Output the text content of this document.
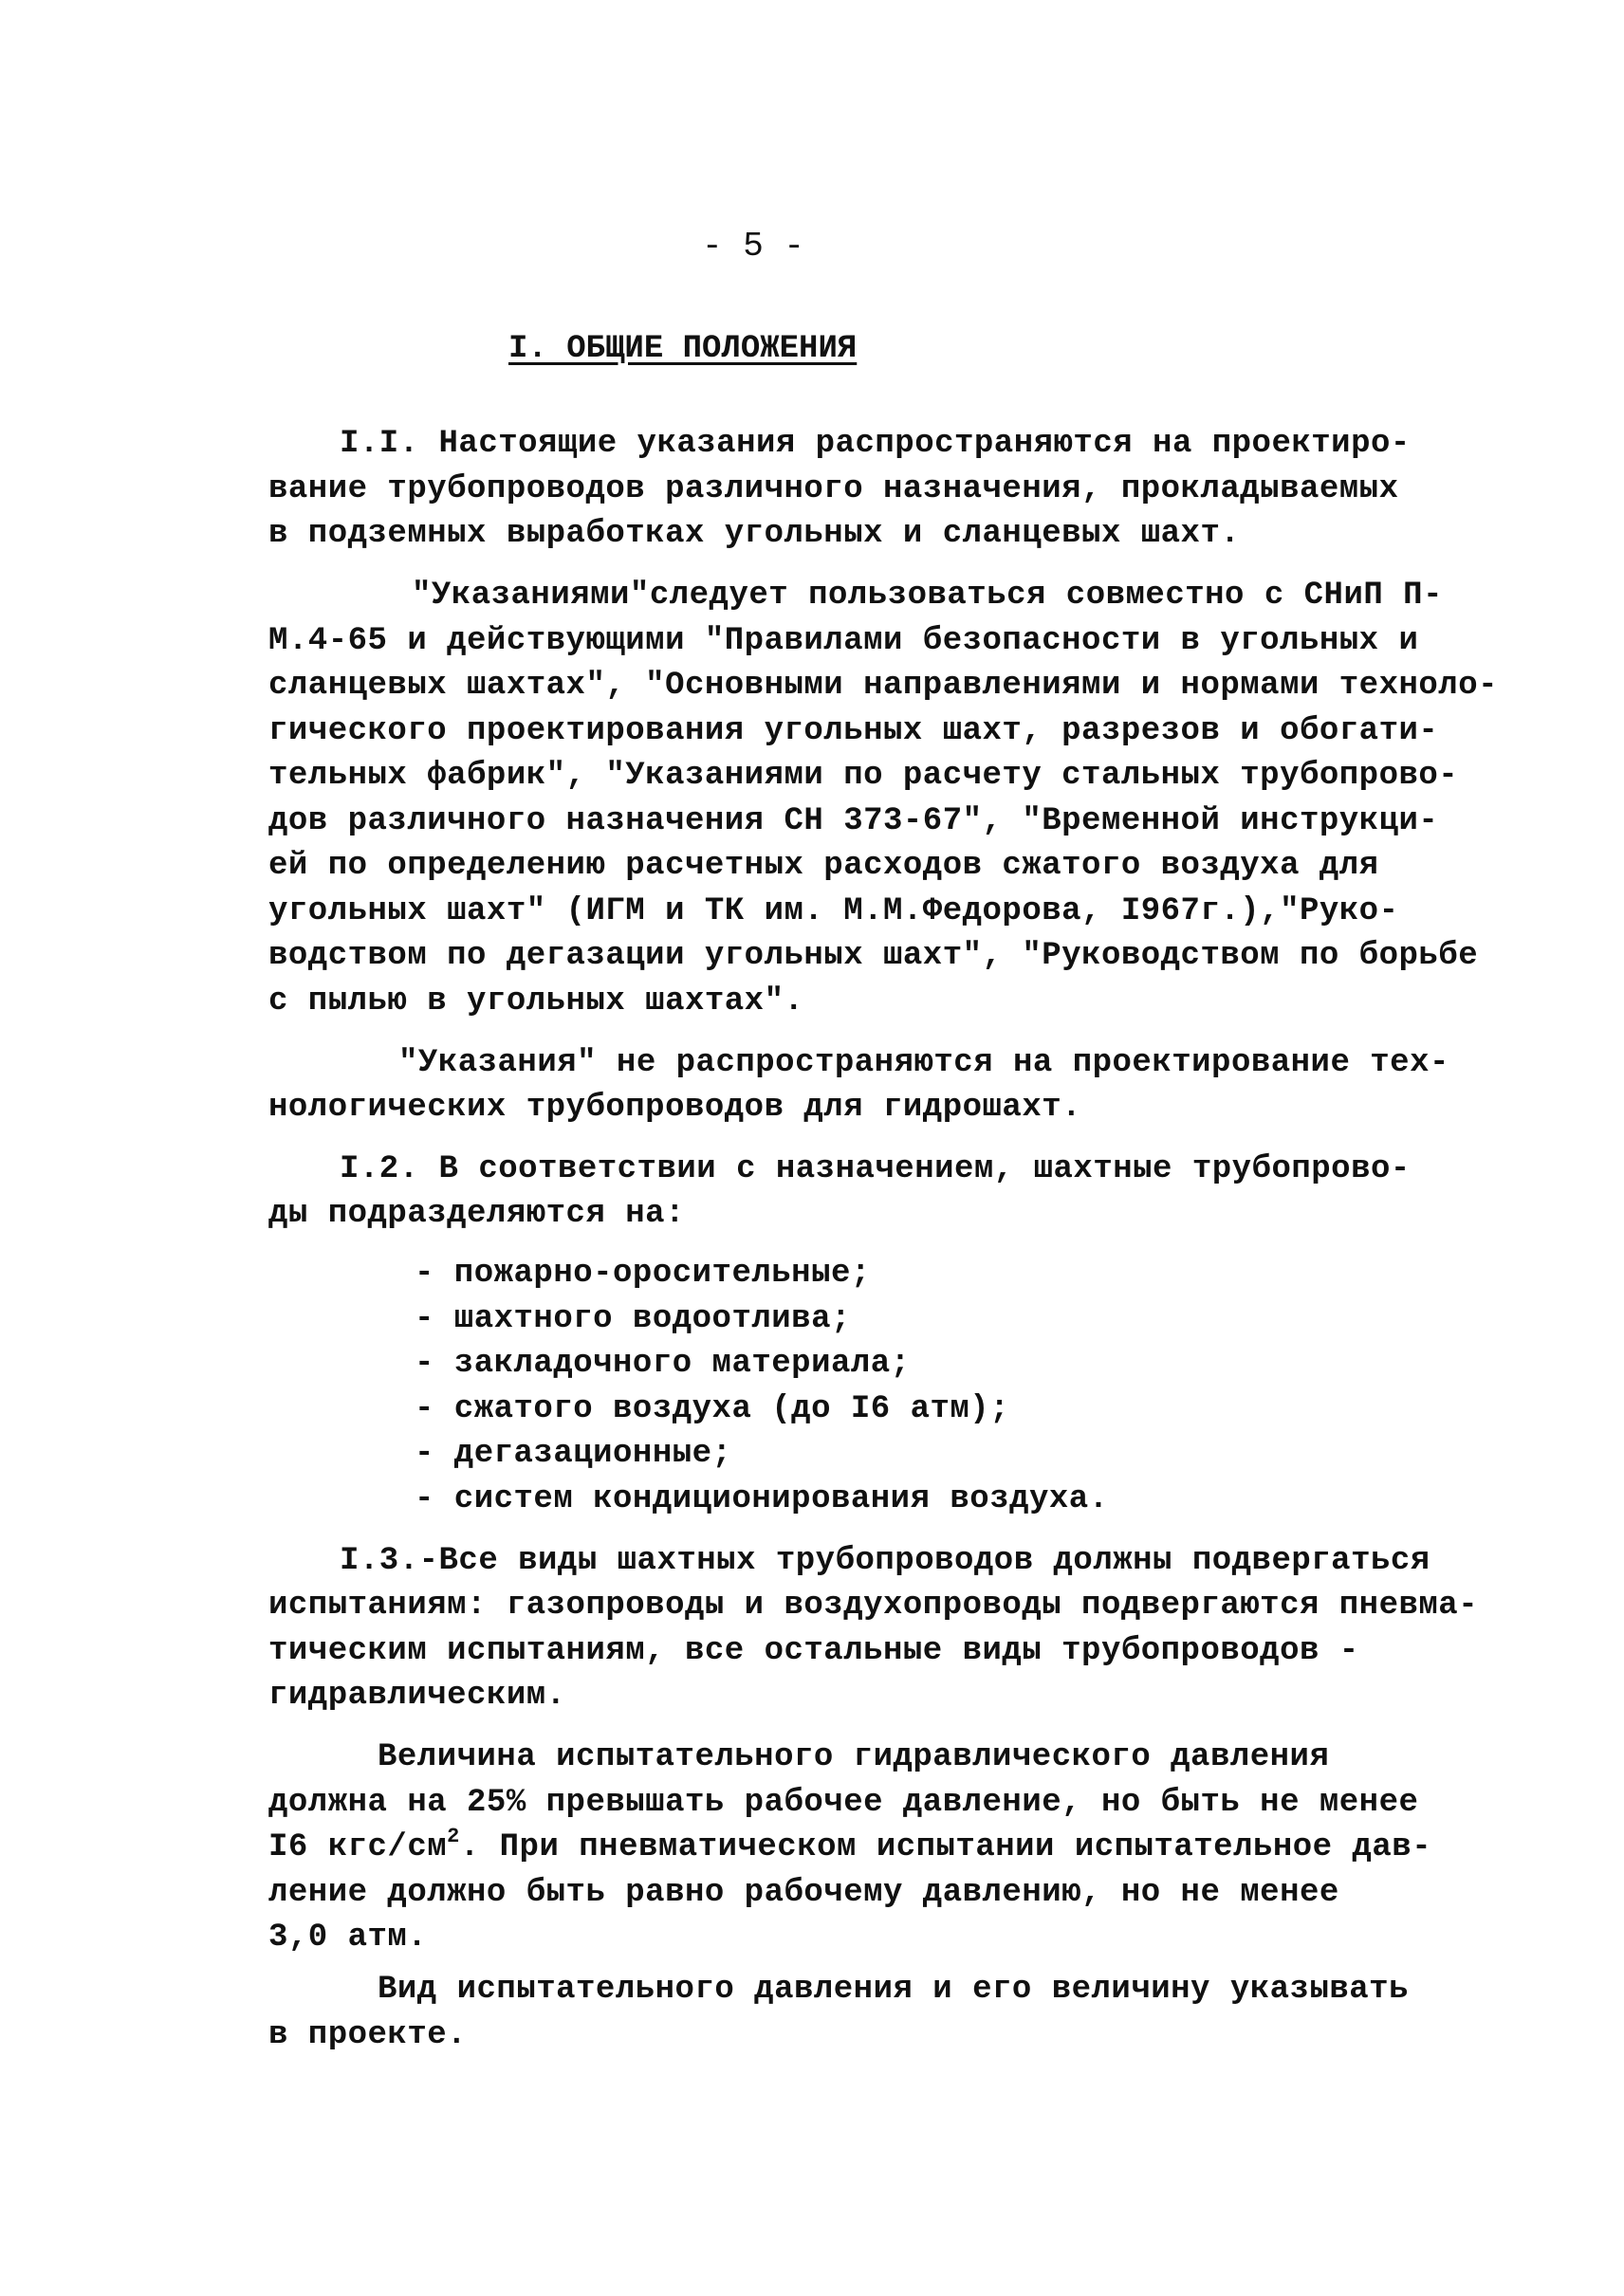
- 5 -
I. ОБЩИЕ ПОЛОЖЕНИЯ
I.I. Настоящие указания распространяются на проектиро-
вание трубопроводов различного назначения, прокладываемых
в подземных выработках угольных и сланцевых шахт.
"Указаниями"следует пользоваться совместно с СНиП П-
М.4-65 и действующими "Правилами безопасности в угольных и
сланцевых шахтах", "Основными направлениями и нормами техноло-
гического проектирования угольных шахт, разрезов и обогати-
тельных фабрик", "Указаниями по расчету стальных трубопрово-
дов различного назначения СН 373-67", "Временной инструкци-
ей по определению расчетных расходов сжатого воздуха для
угольных шахт" (ИГМ и ТК им. М.М.Федорова, I967г.),"Руко-
водством по дегазации угольных шахт", "Руководством по борьбе
с пылью в угольных шахтах".
"Указания" не распространяются на проектирование тех-
нологических трубопроводов для гидрошахт.
I.2. В соответствии с назначением, шахтные трубопрово-
ды подразделяются на:
- пожарно-оросительные;
- шахтного водоотлива;
- закладочного материала;
- сжатого воздуха (до I6 атм);
- дегазационные;
- систем кондиционирования воздуха.
I.3.-Все виды шахтных трубопроводов должны подвергаться
испытаниям: газопроводы и воздухопроводы подвергаются пневма-
тическим испытаниям, все остальные виды трубопроводов -
гидравлическим.
Величина испытательного гидравлического давления
должна на 25% превышать рабочее давление, но быть не менее
I6 кгс/$см^2$. При пневматическом испытании испытательное дав-
ление должно быть равно рабочему давлению, но не менее
3,0 атм.
Вид испытательного давления и его величину указывать
в проекте.
